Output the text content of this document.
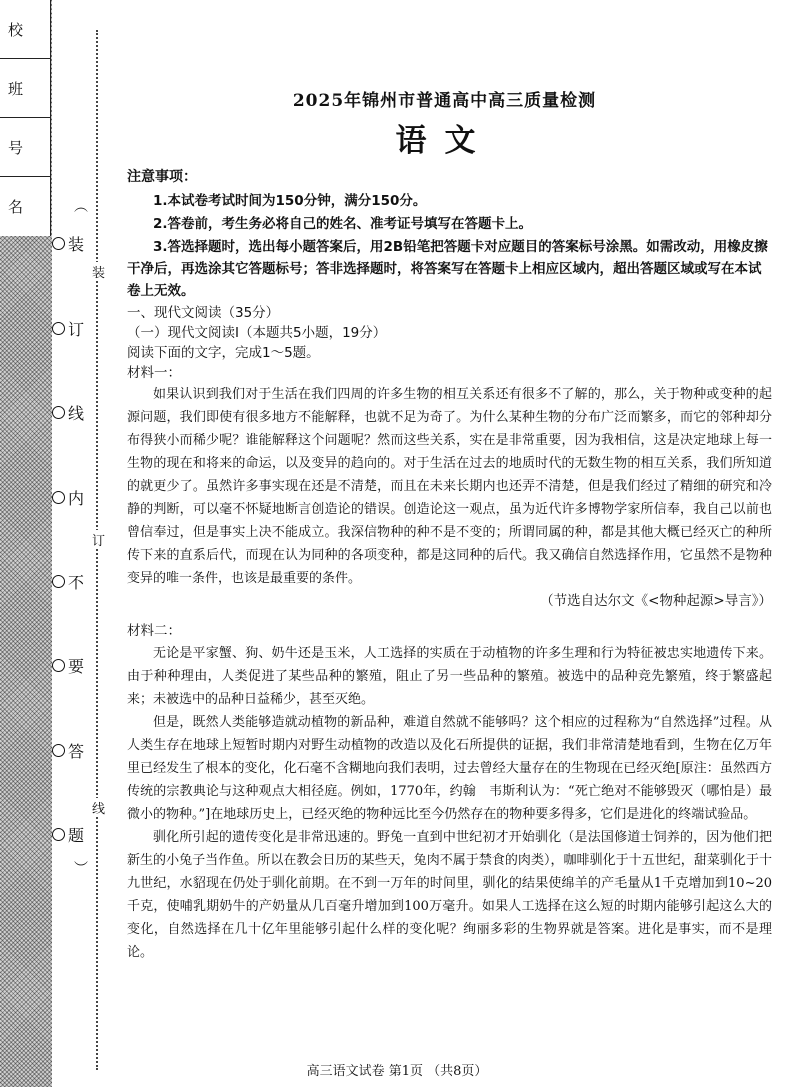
校
班
号
名	︵
装
订
线
内
不
要
答
题
︶
装
订
线
2025年锦州市普通高中高三质量检测
语文
注意事项：

1.本试卷考试时间为150分钟，满分150分。

2.答卷前，考生务必将自己的姓名、准考证号填写在答题卡上。

3.答选择题时，选出每小题答案后，用2B铅笔把答题卡对应题目的答案标号涂黑。如需改动，用橡皮擦干净后，再选涂其它答题标号；答非选择题时，将答案写在答题卡上相应区域内，超出答题区域或写在本试卷上无效。

一、现代文阅读（35分）
（一）现代文阅读Ⅰ（本题共5小题，19分）
阅读下面的文字，完成1～5题。
材料一：

如果认识到我们对于生活在我们四周的许多生物的相互关系还有很多不了解的，那么，关于物种或变种的起源问题，我们即使有很多地方不能解释，也就不足为奇了。为什么某种生物的分布广泛而繁多，而它的邻种却分布得狭小而稀少呢？谁能解释这个问题呢？然而这些关系，实在是非常重要，因为我相信，这是决定地球上每一生物的现在和将来的命运，以及变异的趋向的。对于生活在过去的地质时代的无数生物的相互关系，我们所知道的就更少了。虽然许多事实现在还是不清楚，而且在未来长期内也还弄不清楚，但是我们经过了精细的研究和冷静的判断，可以毫不怀疑地断言创造论的错误。创造论这一观点，虽为近代许多博物学家所信奉，我自己以前也曾信奉过，但是事实上决不能成立。我深信物种的种不是不变的；所谓同属的种，都是其他大概已经灭亡的种所传下来的直系后代，而现在认为同种的各项变种，都是这同种的后代。我又确信自然选择作用，它虽然不是物种变异的唯一条件，也该是最重要的条件。

（节选自达尔文《<物种起源>导言》）

材料二：

无论是平家蟹、狗、奶牛还是玉米，人工选择的实质在于动植物的许多生理和行为特征被忠实地遗传下来。由于种种理由，人类促进了某些品种的繁殖，阻止了另一些品种的繁殖。被选中的品种竞先繁殖，终于繁盛起来；未被选中的品种日益稀少，甚至灭绝。

但是，既然人类能够造就动植物的新品种，难道自然就不能够吗？这个相应的过程称为“自然选择”过程。从人类生存在地球上短暂时期内对野生动植物的改造以及化石所提供的证据，我们非常清楚地看到，生物在亿万年里已经发生了根本的变化，化石毫不含糊地向我们表明，过去曾经大量存在的生物现在已经灭绝[原注：虽然西方传统的宗教典论与这种观点大相径庭。例如，1770年，约翰　韦斯利认为：“死亡绝对不能够毁灭（哪怕是）最微小的物种。”]在地球历史上，已经灭绝的物种远比至今仍然存在的物种要多得多，它们是进化的终端试验品。

驯化所引起的遗传变化是非常迅速的。野兔一直到中世纪初才开始驯化（是法国修道士饲养的，因为他们把新生的小兔子当作鱼。所以在教会日历的某些天，兔肉不属于禁食的肉类），咖啡驯化于十五世纪，甜菜驯化于十九世纪，水貂现在仍处于驯化前期。在不到一万年的时间里，驯化的结果使绵羊的产毛量从1千克增加到10~20千克，使哺乳期奶牛的产奶量从几百毫升增加到100万毫升。如果人工选择在这么短的时期内能够引起这么大的变化，自然选择在几十亿年里能够引起什么样的变化呢？绚丽多彩的生物界就是答案。进化是事实，而不是理论。

高三语文试卷 第1页 （共8页）
